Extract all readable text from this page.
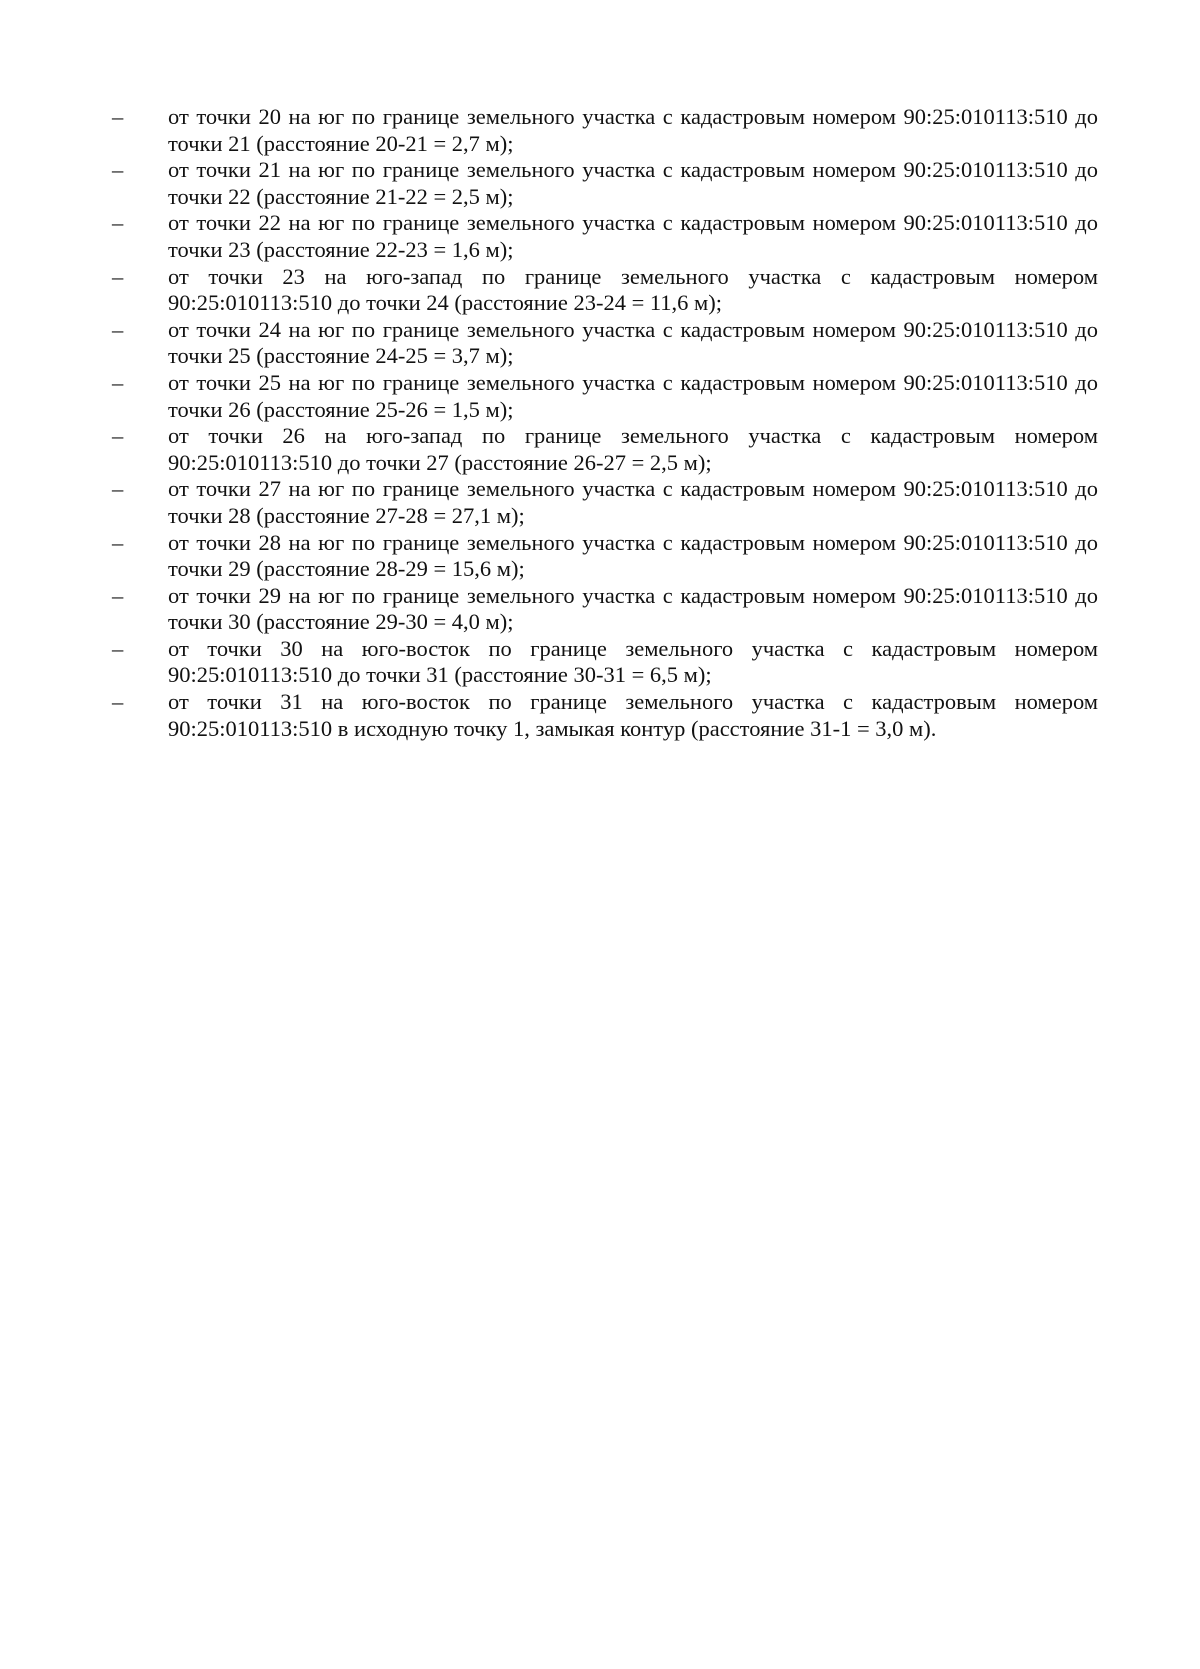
–	от точки 20 на юг по границе земельного участка с кадастровым номером 90:25:010113:510 до точки 21 (расстояние 20-21 = 2,7 м);
–	от точки 21 на юг по границе земельного участка с кадастровым номером 90:25:010113:510 до точки 22 (расстояние 21-22 = 2,5 м);
–	от точки 22 на юг по границе земельного участка с кадастровым номером 90:25:010113:510 до точки 23 (расстояние 22-23 = 1,6 м);
–	от точки 23 на юго-запад по границе земельного участка с кадастровым номером 90:25:010113:510 до точки 24 (расстояние 23-24 = 11,6 м);
–	от точки 24 на юг по границе земельного участка с кадастровым номером 90:25:010113:510 до точки 25 (расстояние 24-25 = 3,7 м);
–	от точки 25 на юг по границе земельного участка с кадастровым номером 90:25:010113:510 до точки 26 (расстояние 25-26 = 1,5 м);
–	от точки 26 на юго-запад по границе земельного участка с кадастровым номером 90:25:010113:510 до точки 27 (расстояние 26-27 = 2,5 м);
–	от точки 27 на юг по границе земельного участка с кадастровым номером 90:25:010113:510 до точки 28 (расстояние 27-28 = 27,1 м);
–	от точки 28 на юг по границе земельного участка с кадастровым номером 90:25:010113:510 до точки 29 (расстояние 28-29 = 15,6 м);
–	от точки 29 на юг по границе земельного участка с кадастровым номером 90:25:010113:510 до точки 30 (расстояние 29-30 = 4,0 м);
–	от точки 30 на юго-восток по границе земельного участка с кадастровым номером 90:25:010113:510 до точки 31 (расстояние 30-31 = 6,5 м);
–	от точки 31 на юго-восток по границе земельного участка с кадастровым номером 90:25:010113:510 в исходную точку 1, замыкая контур (расстояние 31-1 = 3,0 м).
